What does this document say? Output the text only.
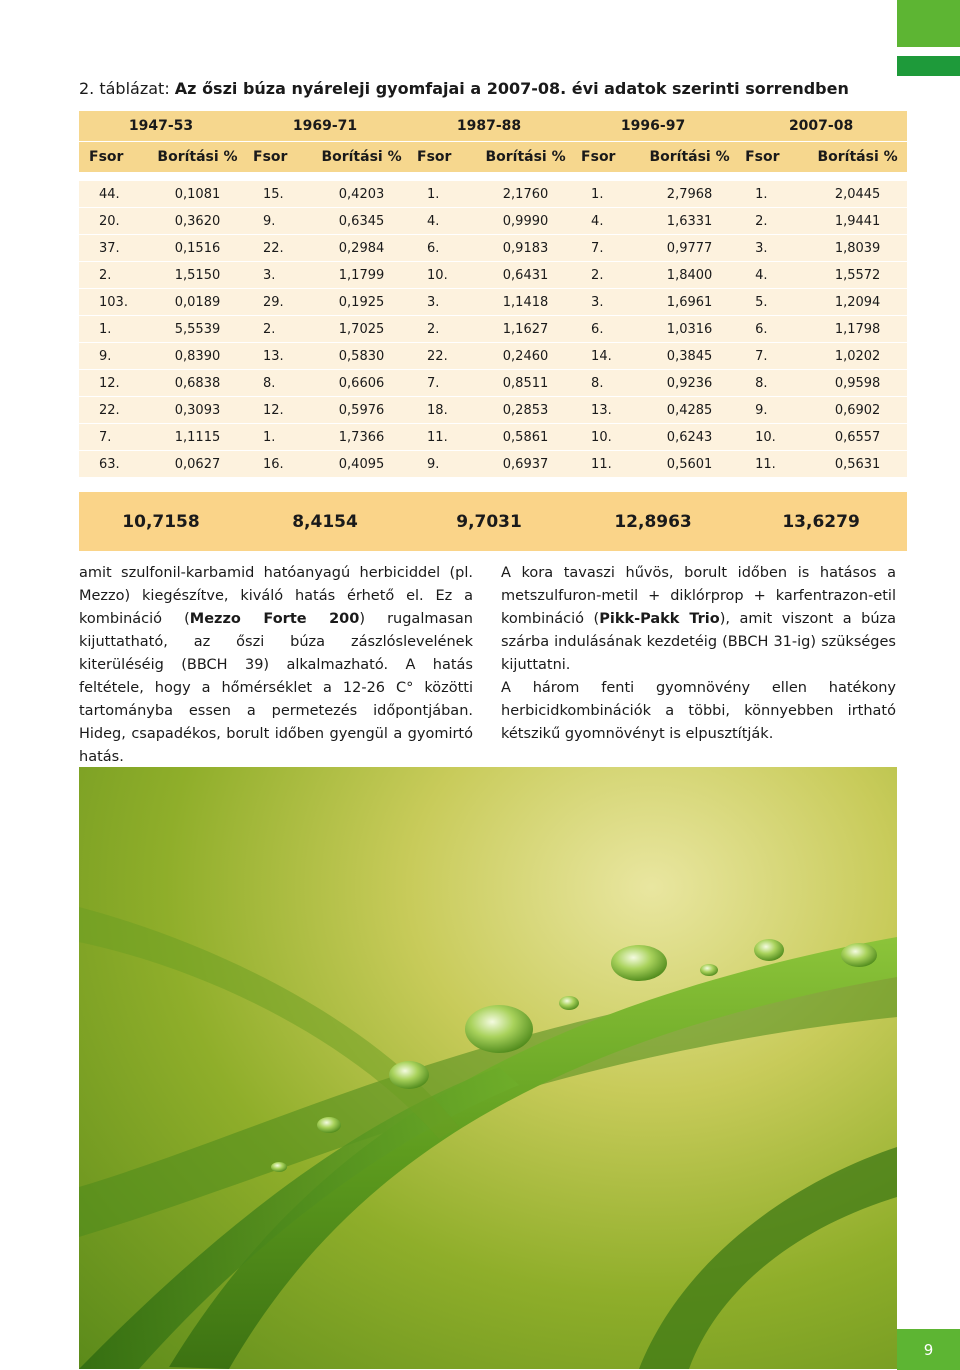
2. táblázat: Az őszi búza nyáreleji gyomfajai a 2007-08. évi adatok szerinti sorrendben
1947-53		1969-71		1987-88		1996-97		2007-08	
Fsor	Borítási %	Fsor	Borítási %	Fsor	Borítási %	Fsor	Borítási %	Fsor	Borítási %

44.	0,1081	15.	0,4203	1.	2,1760	1.	2,7968	1.	2,0445
20.	0,3620	9.	0,6345	4.	0,9990	4.	1,6331	2.	1,9441
37.	0,1516	22.	0,2984	6.	0,9183	7.	0,9777	3.	1,8039
2.	1,5150	3.	1,1799	10.	0,6431	2.	1,8400	4.	1,5572
103.	0,0189	29.	0,1925	3.	1,1418	3.	1,6961	5.	1,2094
1.	5,5539	2.	1,7025	2.	1,1627	6.	1,0316	6.	1,1798
9.	0,8390	13.	0,5830	22.	0,2460	14.	0,3845	7.	1,0202
12.	0,6838	8.	0,6606	7.	0,8511	8.	0,9236	8.	0,9598
22.	0,3093	12.	0,5976	18.	0,2853	13.	0,4285	9.	0,6902
7.	1,1115	1.	1,7366	11.	0,5861	10.	0,6243	10.	0,6557
63.	0,0627	16.	0,4095	9.	0,6937	11.	0,5601	11.	0,5631

10,7158		8,4154		9,7031		12,8963		13,6279	

amit szulfonil-karbamid hatóanyagú herbiciddel (pl. Mezzo) kiegészítve, kiváló hatás érhető el. Ez a kombináció (Mezzo Forte 200) rugalmasan kijuttatható, az őszi búza zászlóslevelének kiterüléséig (BBCH 39) alkalmazható. A hatás feltétele, hogy a hőmérséklet a 12-26 C° közötti tartományba essen a permetezés időpontjában. Hideg, csapadékos, borult időben gyengül a gyomirtó hatás.

A kora tavaszi hűvös, borult időben is hatásos a metszulfuron-metil + diklórprop + karfentrazon-etil kombináció (Pikk-Pakk Trio), amit viszont a búza szárba indulásának kezdetéig (BBCH 31-ig) szükséges kijuttatni.

A három fenti gyomnövény ellen hatékony herbicidkombinációk a többi, könnyebben irtható kétszikű gyomnövényt is elpusztítják.

9
